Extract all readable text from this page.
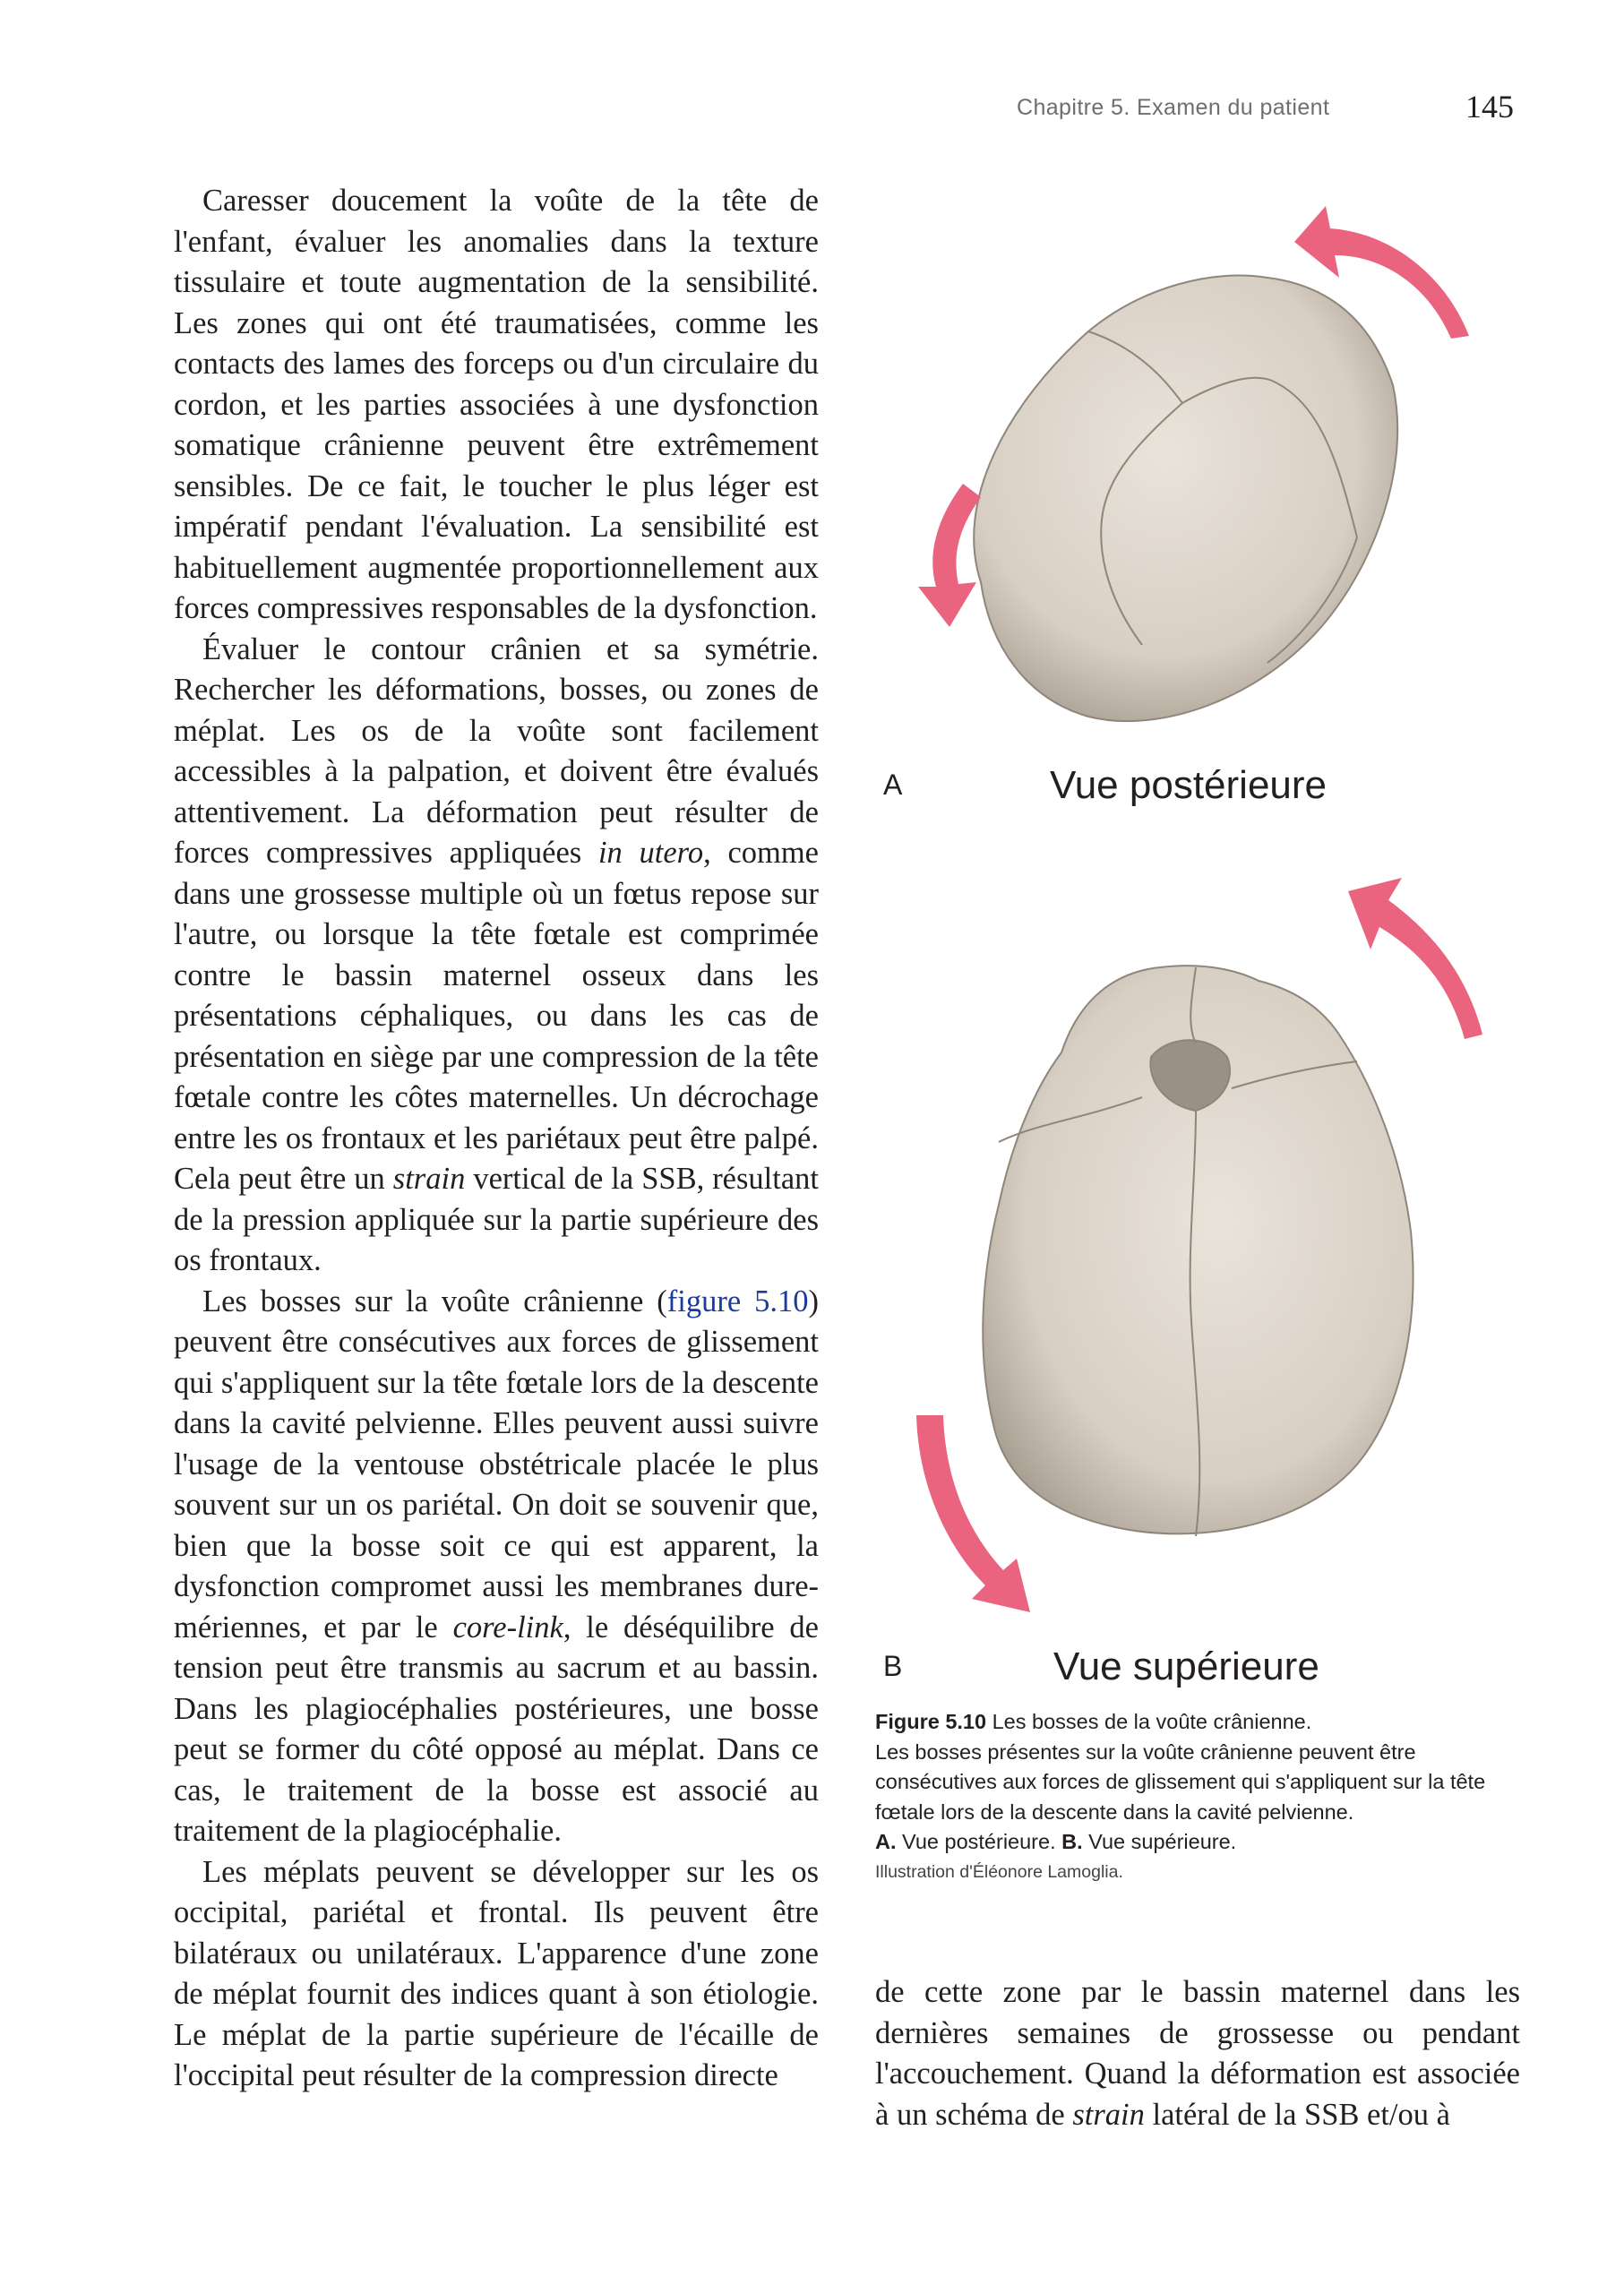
Chapitre 5. Examen du patient	145

Caresser doucement la voûte de la tête de l'enfant, évaluer les anomalies dans la texture tissulaire et toute augmentation de la sensibilité. Les zones qui ont été traumatisées, comme les contacts des lames des forceps ou d'un circulaire du cordon, et les parties associées à une dysfonction somatique crânienne peuvent être extrêmement sensibles. De ce fait, le toucher le plus léger est impératif pendant l'évaluation. La sensibilité est habituellement augmentée proportionnellement aux forces compressives responsables de la dysfonction.

Évaluer le contour crânien et sa symétrie. Rechercher les déformations, bosses, ou zones de méplat. Les os de la voûte sont facilement accessibles à la palpation, et doivent être évalués attentivement. La déformation peut résulter de forces compressives appliquées in utero, comme dans une grossesse multiple où un fœtus repose sur l'autre, ou lorsque la tête fœtale est comprimée contre le bassin maternel osseux dans les présentations céphaliques, ou dans les cas de présentation en siège par une compression de la tête fœtale contre les côtes maternelles. Un décrochage entre les os frontaux et les pariétaux peut être palpé. Cela peut être un strain vertical de la SSB, résultant de la pression appliquée sur la partie supérieure des os frontaux.

Les bosses sur la voûte crânienne (figure 5.10) peuvent être consécutives aux forces de glissement qui s'appliquent sur la tête fœtale lors de la descente dans la cavité pelvienne. Elles peuvent aussi suivre l'usage de la ventouse obstétricale placée le plus souvent sur un os pariétal. On doit se souvenir que, bien que la bosse soit ce qui est apparent, la dysfonction compromet aussi les membranes dure-mériennes, et par le core-link, le déséquilibre de tension peut être transmis au sacrum et au bassin. Dans les plagiocéphalies postérieures, une bosse peut se former du côté opposé au méplat. Dans ce cas, le traitement de la bosse est associé au traitement de la plagiocéphalie.

Les méplats peuvent se développer sur les os occipital, pariétal et frontal. Ils peuvent être bilatéraux ou unilatéraux. L'apparence d'une zone de méplat fournit des indices quant à son étiologie. Le méplat de la partie supérieure de l'écaille de l'occipital peut résulter de la compression directe

A	Vue postérieure
B	Vue supérieure

Figure 5.10 Les bosses de la voûte crânienne.

Les bosses présentes sur la voûte crânienne peuvent être consécutives aux forces de glissement qui s'appliquent sur la tête fœtale lors de la descente dans la cavité pelvienne.

A. Vue postérieure. B. Vue supérieure.

Illustration d'Éléonore Lamoglia.

de cette zone par le bassin maternel dans les dernières semaines de grossesse ou pendant l'accouchement. Quand la déformation est associée à un schéma de strain latéral de la SSB et/ou à
